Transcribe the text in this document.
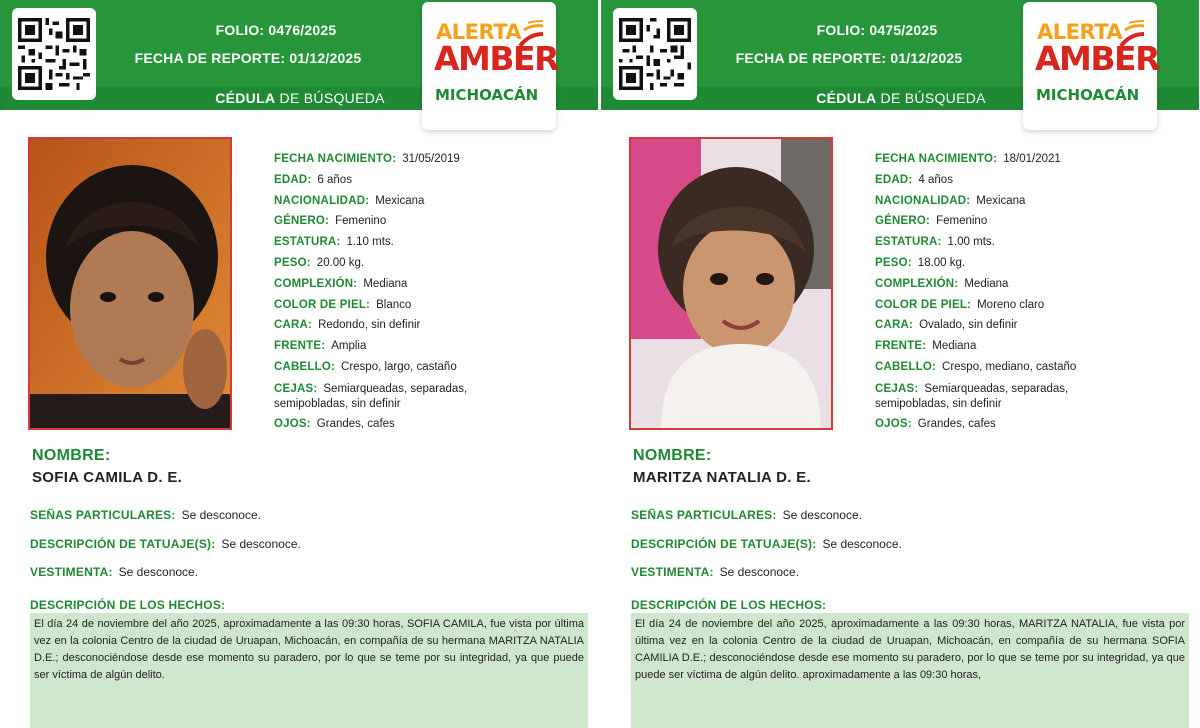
FOLIO: 0476/2025
FECHA DE REPORTE: 01/12/2025
CÉDULA DE BÚSQUEDA
ALERTA
AMBER
MICHOACÁN
FECHA NACIMIENTO: 31/05/2019
EDAD: 6 años
NACIONALIDAD: Mexicana
GÉNERO: Femenino
ESTATURA: 1.10 mts.
PESO: 20.00 kg.
COMPLEXIÓN: Mediana
COLOR DE PIEL: Blanco
CARA: Redondo, sin definir
FRENTE: Amplia
CABELLO: Crespo, largo, castaño
CEJAS: Semiarqueadas, separadas, semipobladas, sin definir
OJOS: Grandes, cafes
NOMBRE:
SOFIA CAMILA D. E.
SEÑAS PARTICULARES: Se desconoce.
DESCRIPCIÓN DE TATUAJE(S): Se desconoce.
VESTIMENTA: Se desconoce.
DESCRIPCIÓN DE LOS HECHOS:
El día 24 de noviembre del año 2025, aproximadamente a las 09:30 horas, SOFIA CAMILA, fue vista por última vez en la colonia Centro de la ciudad de Uruapan, Michoacán, en compañía de su hermana MARITZA NATALIA D.E.; desconociéndose desde ese momento su paradero, por lo que se teme por su integridad, ya que puede ser víctima de algún delito.
FOLIO: 0475/2025
FECHA DE REPORTE: 01/12/2025
CÉDULA DE BÚSQUEDA
ALERTA
AMBER
MICHOACÁN
FECHA NACIMIENTO: 18/01/2021
EDAD: 4 años
NACIONALIDAD: Mexicana
GÉNERO: Femenino
ESTATURA: 1.00 mts.
PESO: 18.00 kg.
COMPLEXIÓN: Mediana
COLOR DE PIEL: Moreno claro
CARA: Ovalado, sin definir
FRENTE: Mediana
CABELLO: Crespo, mediano, castaño
CEJAS: Semiarqueadas, separadas, semipobladas, sin definir
OJOS: Grandes, cafes
NOMBRE:
MARITZA NATALIA D. E.
SEÑAS PARTICULARES: Se desconoce.
DESCRIPCIÓN DE TATUAJE(S): Se desconoce.
VESTIMENTA: Se desconoce.
DESCRIPCIÓN DE LOS HECHOS:
El día 24 de noviembre del año 2025, aproximadamente a las 09:30 horas, MARITZA NATALIA, fue vista por última vez en la colonia Centro de la ciudad de Uruapan, Michoacán, en compañía de su hermana SOFIA CAMILIA D.E.; desconociéndose desde ese momento su paradero, por lo que se teme por su integridad, ya que puede ser víctima de algún delito. aproximadamente a las 09:30 horas,
